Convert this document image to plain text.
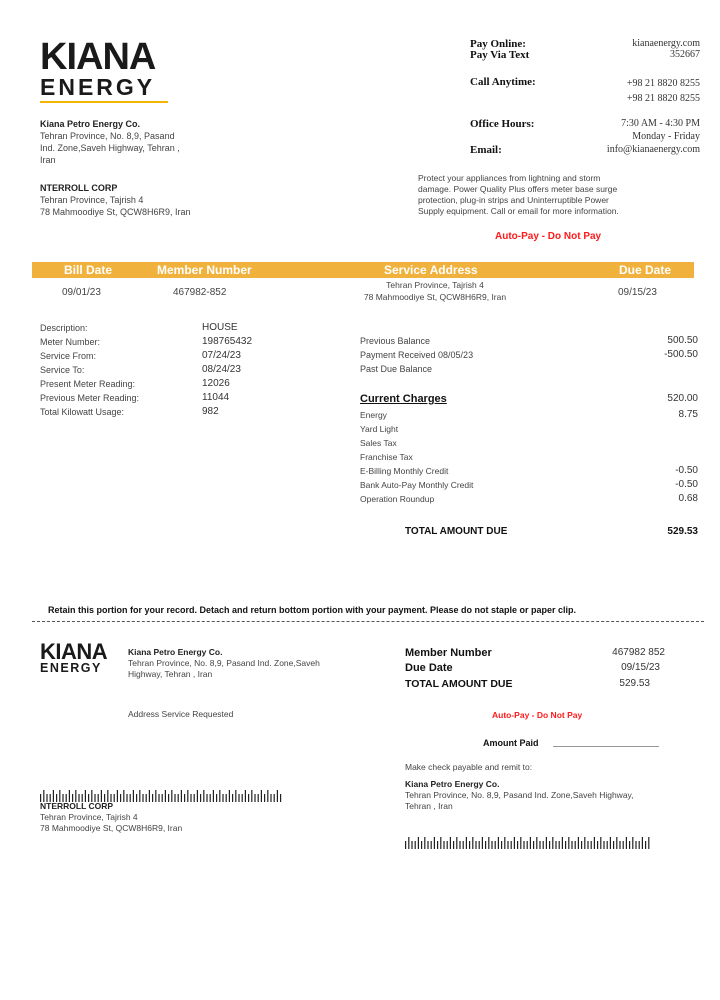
KIANA
ENERGY
Kiana Petro Energy Co.
Tehran Province, No. 8,9, Pasand
Ind. Zone,Saveh Highway, Tehran ,
Iran
NTERROLL CORP
Tehran Province, Tajrish 4
78 Mahmoodiye St, QCW8H6R9, Iran
Pay Online:	kianaenergy.com
Pay Via Text	352667
Call Anytime:	+98 21 8820 8255
+98 21 8820 8255
Office Hours:	7:30 AM - 4:30 PM
Monday - Friday
Email:	info@kianaenergy.com
Protect your appliances from lightning and storm
damage. Power Quality Plus offers meter base surge
protection, plug-in strips and Uninterruptible Power
Supply equipment. Call or email for more information.
Auto-Pay - Do Not Pay
Bill Date	Member Number	Service Address	Due Date
09/01/23	467982-852
Tehran Province, Tajrish 4
78 Mahmoodiye St, QCW8H6R9, Iran	09/15/23
Description:	HOUSE
Meter Number:	198765432
Service From:	07/24/23
Service To:	08/24/23
Present Meter Reading:	12026
Previous Meter Reading:	11044
Total Kilowatt Usage:	982
Previous Balance	500.50
Payment Received 08/05/23	-500.50
Past Due Balance
Current Charges	520.00
Energy	8.75
Yard Light
Sales Tax
Franchise Tax
E-Billing Monthly Credit	-0.50
Bank Auto-Pay Monthly Credit	-0.50
Operation Roundup	0.68
TOTAL AMOUNT DUE	529.53
Retain this portion for your record. Detach and return bottom portion with your payment. Please do not staple or paper clip.
KIANA
ENERGY
Kiana Petro Energy Co.
Tehran Province, No. 8,9, Pasand Ind. Zone,Saveh
Highway, Tehran , Iran
Address Service Requested
Member Number	467982 852
Due Date	09/15/23
TOTAL AMOUNT DUE	529.53
Auto-Pay - Do Not Pay
Amount Paid
Make check payable and remit to:
Kiana Petro Energy Co.
Tehran Province, No. 8,9, Pasand Ind. Zone,Saveh Highway,
Tehran , Iran
NTERROLL CORP
Tehran Province, Tajrish 4
78 Mahmoodiye St, QCW8H6R9, Iran
